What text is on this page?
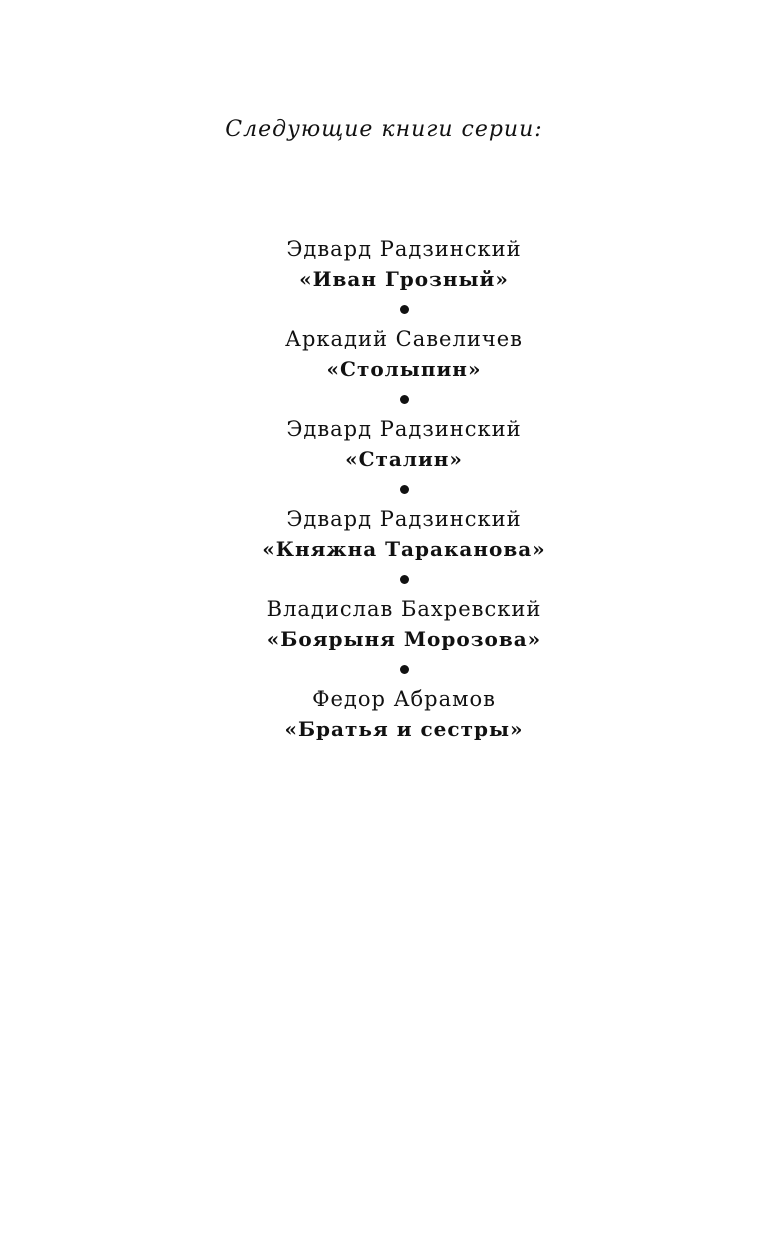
Следующие книги серии:
Эдвард Радзинский
«Иван Грозный»
Аркадий Савеличев
«Столыпин»
Эдвард Радзинский
«Сталин»
Эдвард Радзинский
«Княжна Тараканова»
Владислав Бахревский
«Боярыня Морозова»
Федор Абрамов
«Братья и сестры»
